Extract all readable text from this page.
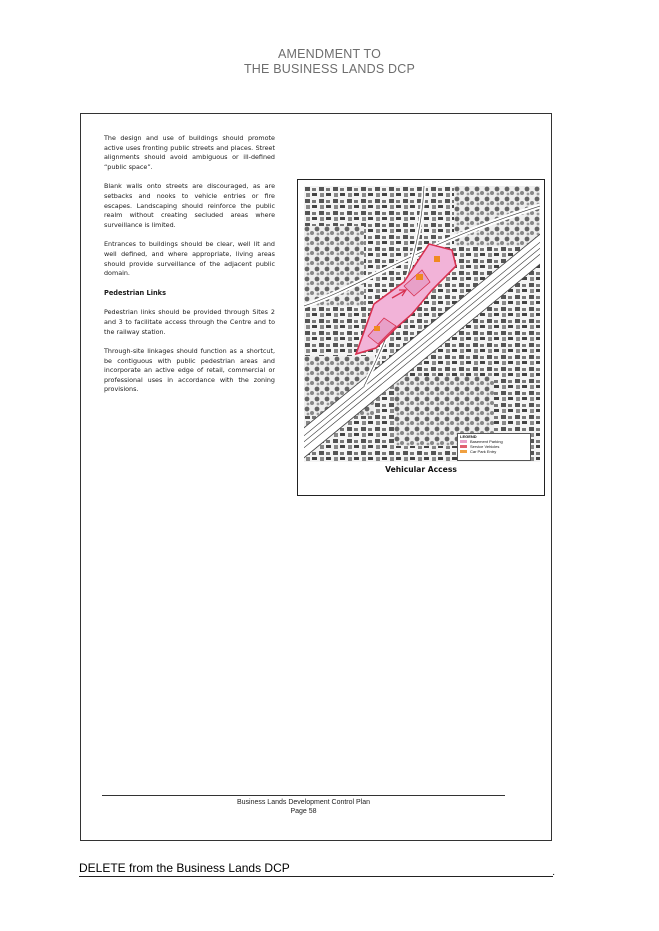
AMENDMENT TO
THE BUSINESS LANDS DCP

The design and use of buildings should promote active uses fronting public streets and places. Street alignments should avoid ambiguous or ill-defined “public space”.

Blank walls onto streets are discouraged, as are setbacks and nooks to vehicle entries or fire escapes. Landscaping should reinforce the public realm without creating secluded areas where surveillance is limited.

Entrances to buildings should be clear, well lit and well defined, and where appropriate, living areas should provide surveillance of the adjacent public domain.

Pedestrian Links

Pedestrian links should be provided through Sites 2 and 3 to facilitate access through the Centre and to the railway station.

Through-site linkages should function as a shortcut, be contiguous with public pedestrian areas and incorporate an active edge of retail, commercial or professional uses in accordance with the zoning provisions.

LEGEND
Basement Parking
Service Vehicles
Car Park Entry
Vehicular Access
Business Lands Development Control Plan
Page 58
DELETE from the Business Lands DCP	.
